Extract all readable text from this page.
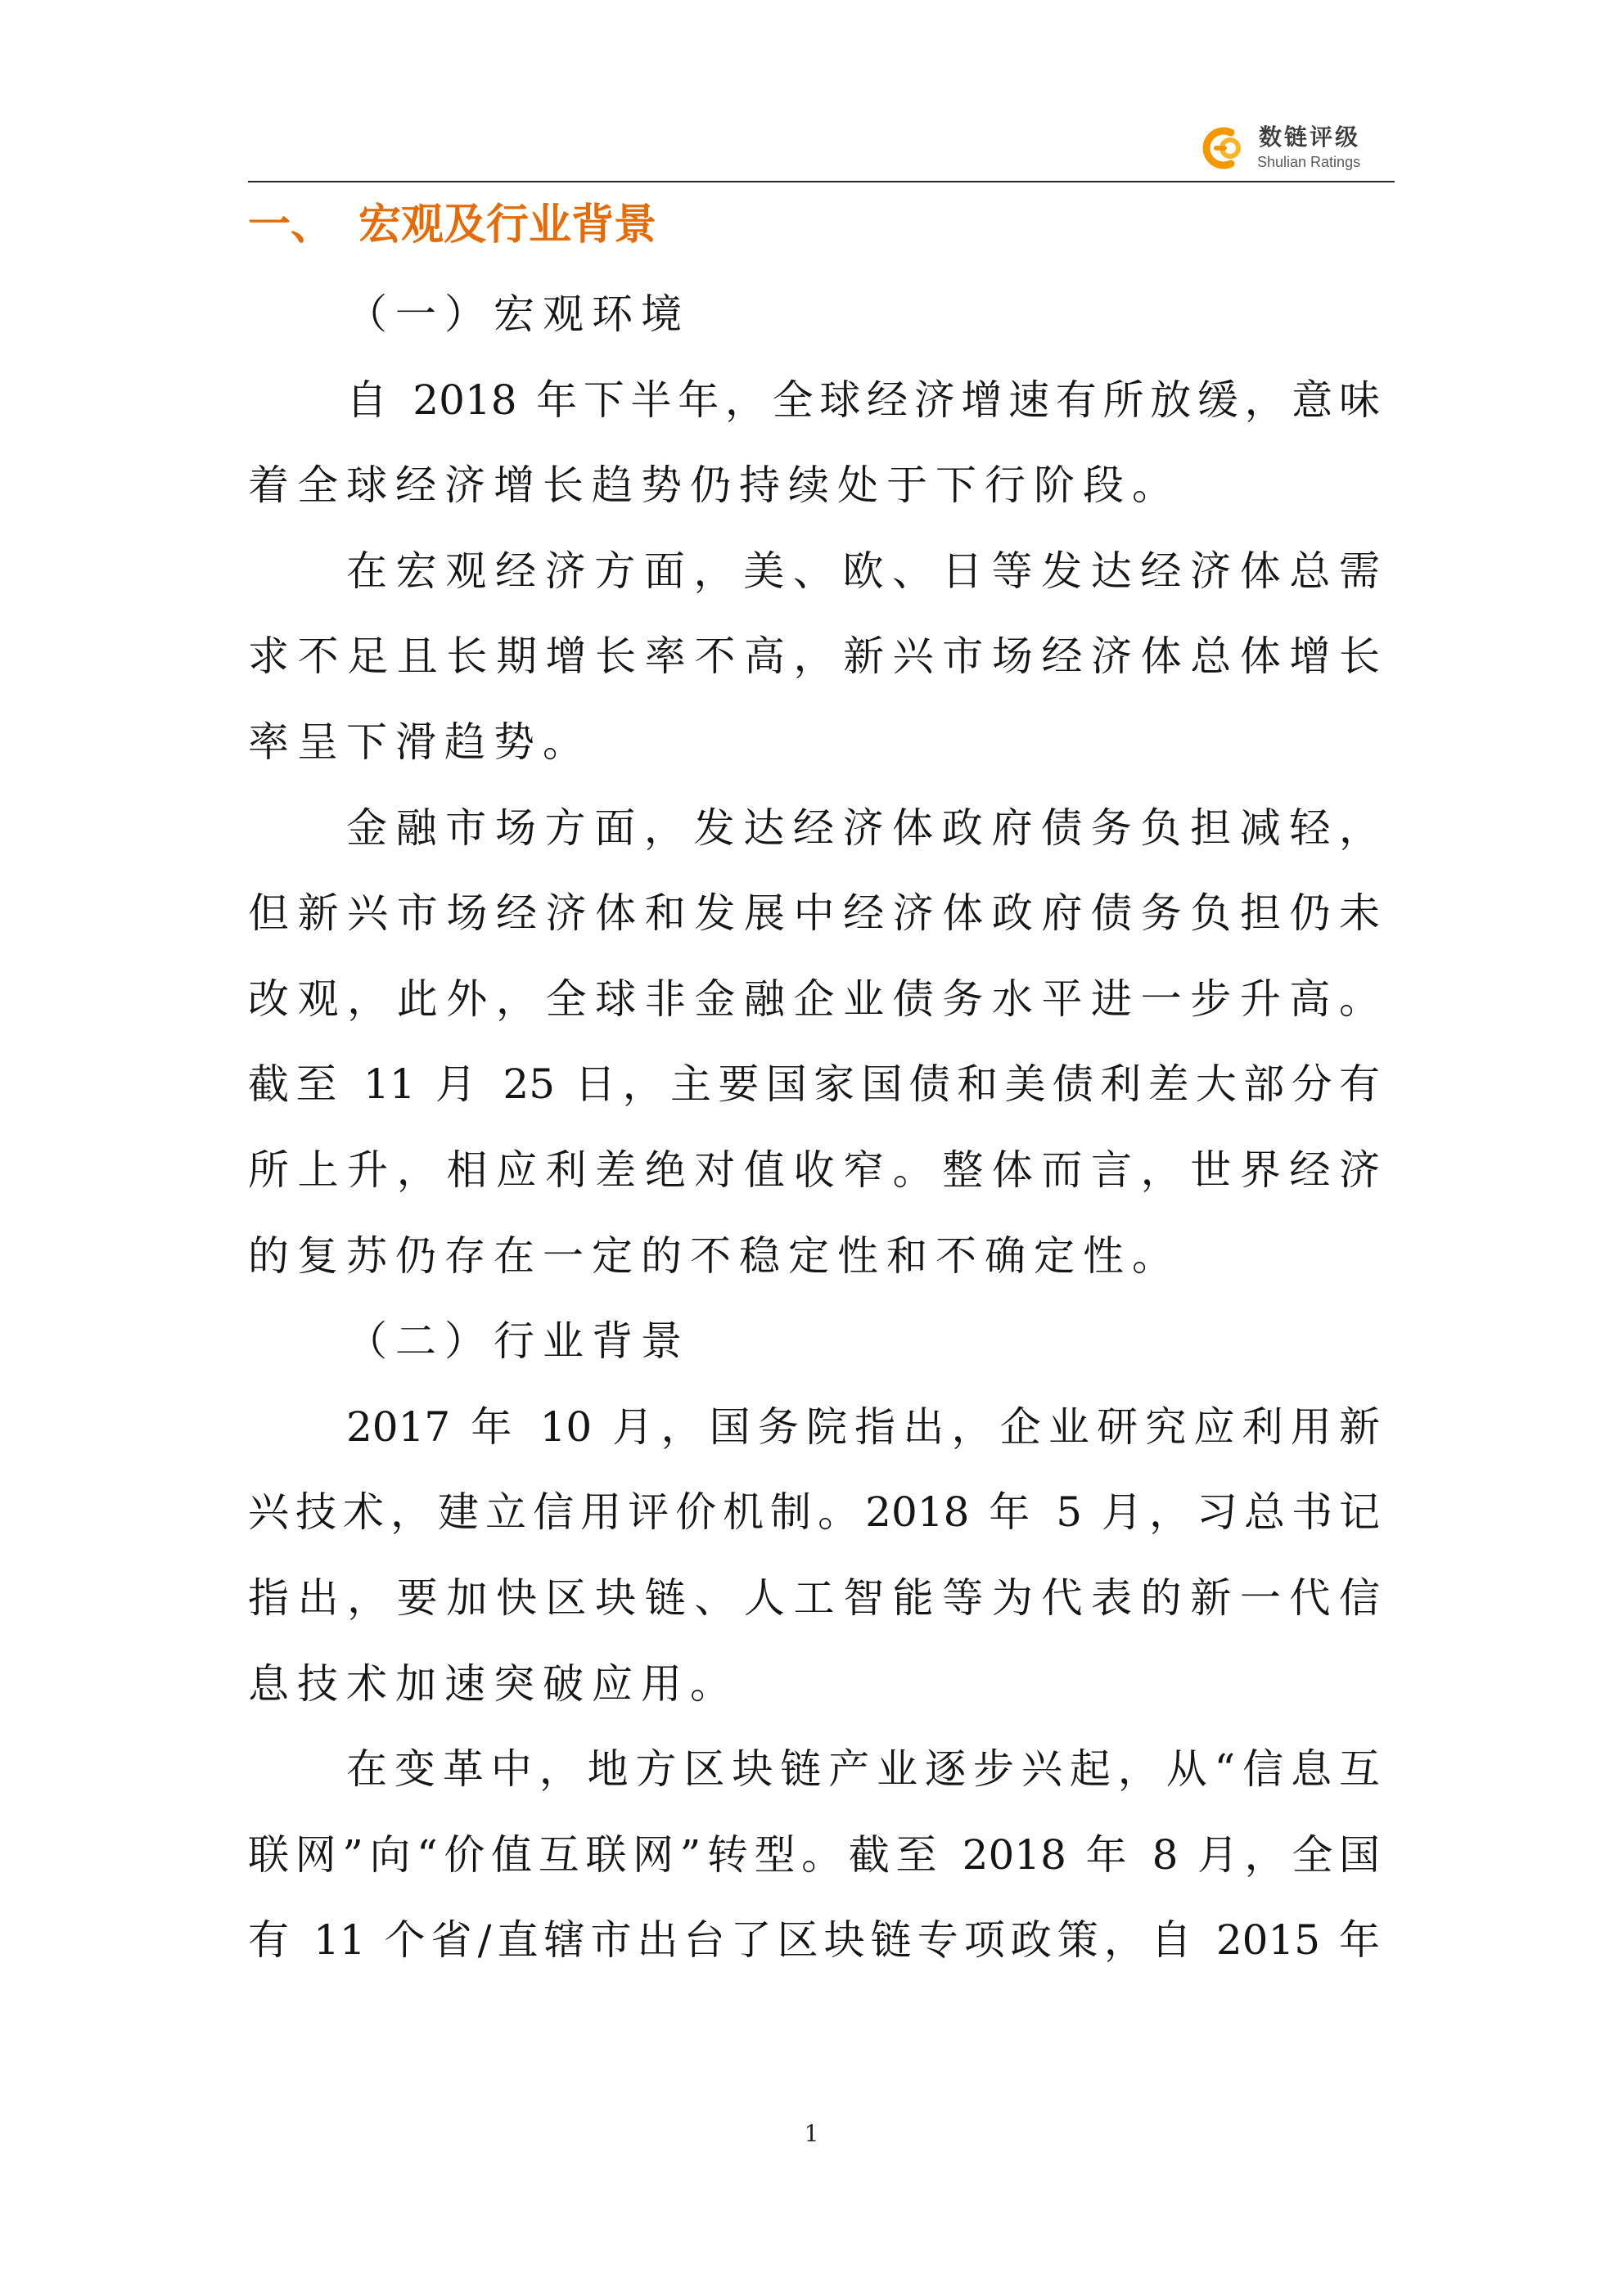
数链评级
Shulian Ratings
一、 宏观及行业背景
（一）宏观环境
自 2018 年下半年，全球经济增速有所放缓，意味
着全球经济增长趋势仍持续处于下行阶段。
在宏观经济方面，美、欧、日等发达经济体总需
求不足且长期增长率不高，新兴市场经济体总体增长
率呈下滑趋势。
金融市场方面，发达经济体政府债务负担减轻，
但新兴市场经济体和发展中经济体政府债务负担仍未
改观，此外，全球非金融企业债务水平进一步升高。
截至 11 月 25 日，主要国家国债和美债利差大部分有
所上升，相应利差绝对值收窄。整体而言，世界经济
的复苏仍存在一定的不稳定性和不确定性。
（二）行业背景
2017 年 10 月，国务院指出，企业研究应利用新
兴技术，建立信用评价机制。2018 年 5 月，习总书记
指出，要加快区块链、人工智能等为代表的新一代信
息技术加速突破应用。
在变革中，地方区块链产业逐步兴起，从“信息互
联网”向“价值互联网”转型。截至 2018 年 8 月，全国
有 11 个省/直辖市出台了区块链专项政策，自 2015 年
1
